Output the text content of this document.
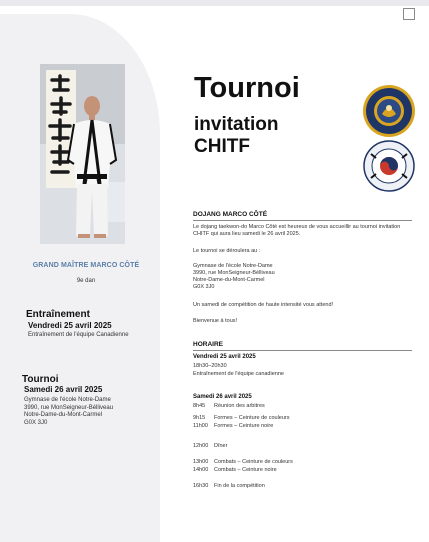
GRAND MAÎTRE MARCO CÔTÉ
9e dan
Entraînement
Vendredi 25 avril 2025
Entraînement de l'équipe Canadienne
Tournoi
Samedi 26 avril 2025
Gymnase de l'école Notre-Dame
3990, rue MonSeigneur-Bélliveau
Notre-Dame-du-Mont-Carmel
G0X 3J0
Tournoi
invitation
CHITF
DOJANG MARCO CÔTÉ
Le dojang taekwon-do Marco Côté est heureux de vous accueillir au tournoi invitation CHITF qui aura lieu samedi le 26 avril 2025.
Le tournoi se déroulera au :
Gymnase de l'école Notre-Dame
3990, rue MonSeigneur-Bélliveau
Notre-Dame-du-Mont-Carmel
G0X 3J0
Un samedi de compétition de haute intensité vous attend!
Bienvenue à tous!
HORAIRE
Vendredi 25 avril 2025
18h30–20h30
Entraînement de l'équipe canadienne
Samedi 26 avril 2025
8h45 Réunion des arbitres
9h15 Formes – Ceinture de couleurs
11h00 Formes – Ceinture noire
12h00 Dîner
13h00 Combats – Ceinture de couleurs
14h00 Combats – Ceinture noire
16h30 Fin de la compétition
